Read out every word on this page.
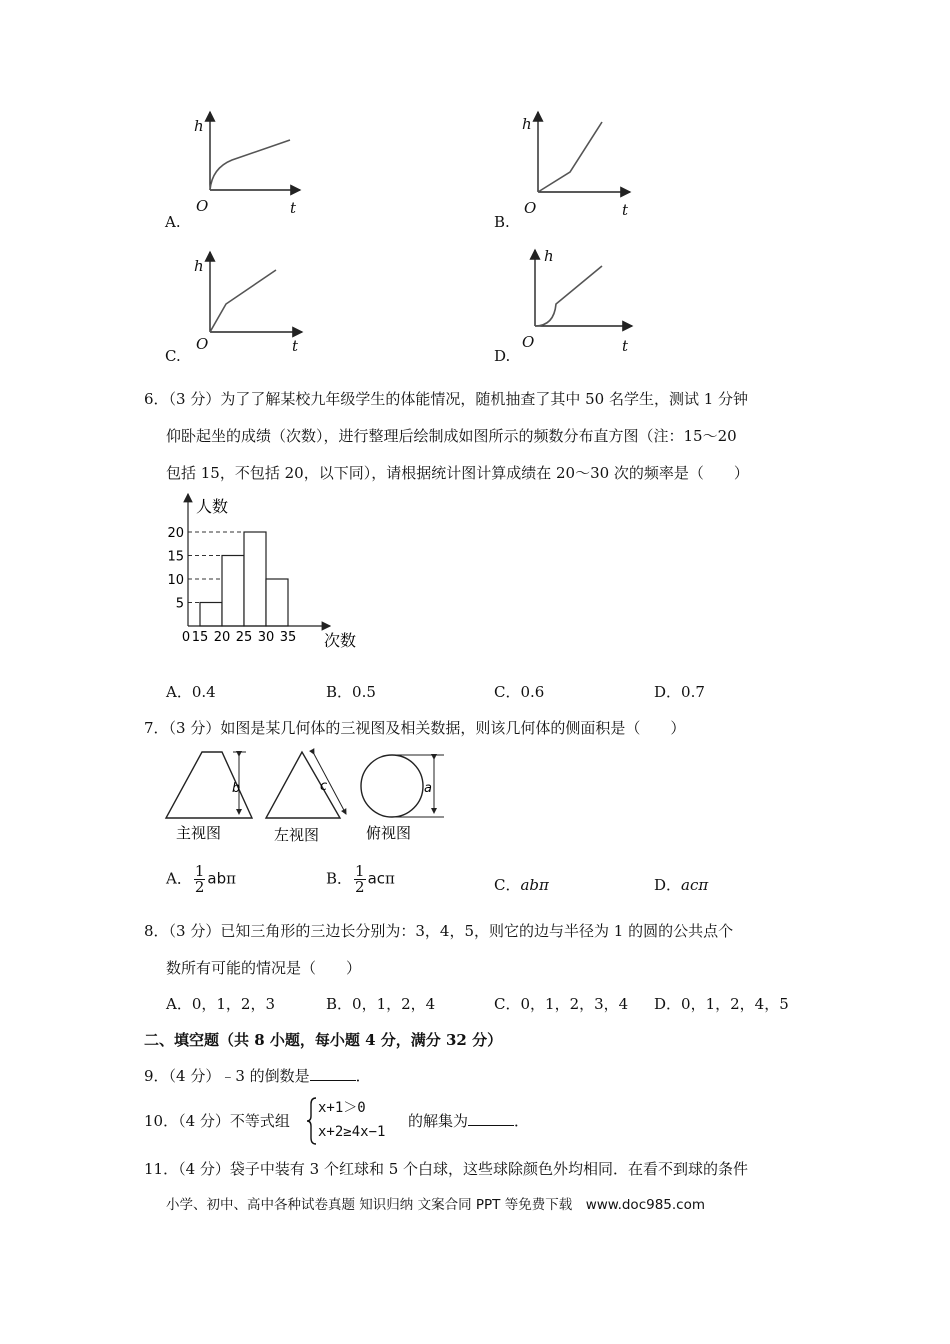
h
O	t
A.
h
O	t
B.
h
O	t
C.
h
O	t
D.
6．（3 分）为了了解某校九年级学生的体能情况，随机抽查了其中 50 名学生，测试 1 分钟
仰卧起坐的成绩（次数），进行整理后绘制成如图所示的频数分布直方图（注：15～20
包括 15，不包括 20，以下同），请根据统计图计算成绩在 20～30 次的频率是（　　）
5
10
15
20
0 15 20 25 30 35
人数
次数
A．0.4	B．0.5	C．0.6	D．0.7
7．（3 分）如图是某几何体的三视图及相关数据，则该几何体的侧面积是（　　）
b	c	a
主视图	左视图	俯视图
A． $\frac{1}{2}$ abπ	B． $\frac{1}{2}$ acπ	C．abπ	D．acπ
8．（3 分）已知三角形的三边长分别为：3，4，5，则它的边与半径为 1 的圆的公共点个
数所有可能的情况是（　　）
A．0，1，2，3	B．0，1，2，4	C．0，1，2，3，4 D．0，1，2，4，5
二、填空题（共 8 小题，每小题 4 分，满分 32 分）
9．（4 分）﹣3 的倒数是	．
10．（4 分）不等式组
x+1＞0
x+2≥4x−1
的解集为	．
11．（4 分）袋子中装有 3 个红球和 5 个白球，这些球除颜色外均相同．在看不到球的条件
小学、初中、高中各种试卷真题 知识归纳 文案合同 PPT 等免费下载　www.doc985.com
